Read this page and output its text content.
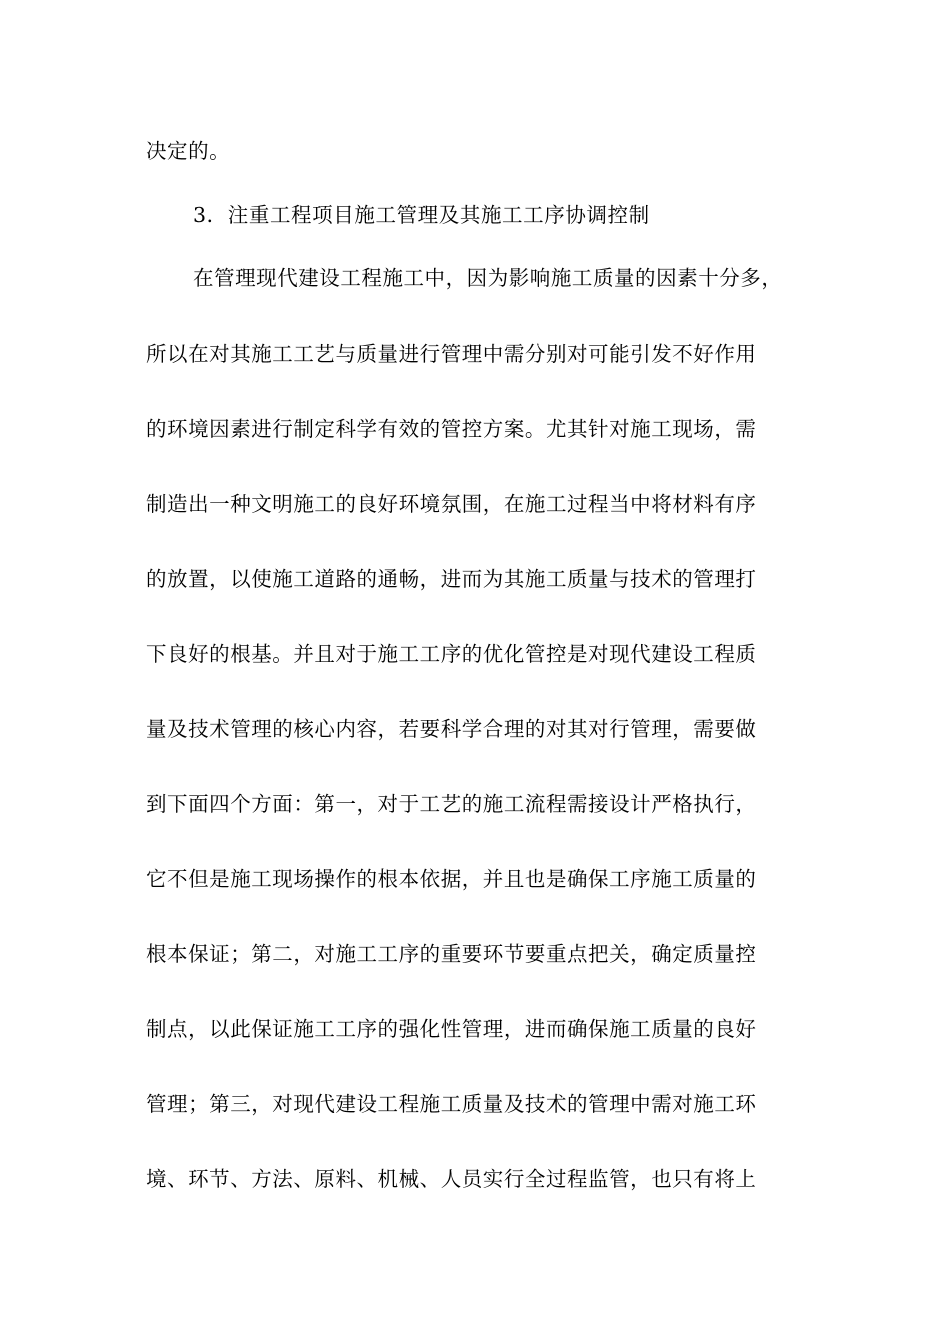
决定的。
3．注重工程项目施工管理及其施工工序协调控制
在管理现代建设工程施工中，因为影响施工质量的因素十分多，
所以在对其施工工艺与质量进行管理中需分别对可能引发不好作用
的环境因素进行制定科学有效的管控方案。尤其针对施工现场，需
制造出一种文明施工的良好环境氛围，在施工过程当中将材料有序
的放置，以使施工道路的通畅，进而为其施工质量与技术的管理打
下良好的根基。并且对于施工工序的优化管控是对现代建设工程质
量及技术管理的核心内容，若要科学合理的对其对行管理，需要做
到下面四个方面：第一，对于工艺的施工流程需接设计严格执行，
它不但是施工现场操作的根本依据，并且也是确保工序施工质量的
根本保证；第二，对施工工序的重要环节要重点把关，确定质量控
制点，以此保证施工工序的强化性管理，进而确保施工质量的良好
管理；第三，对现代建设工程施工质量及技术的管理中需对施工环
境、环节、方法、原料、机械、人员实行全过程监管，也只有将上
